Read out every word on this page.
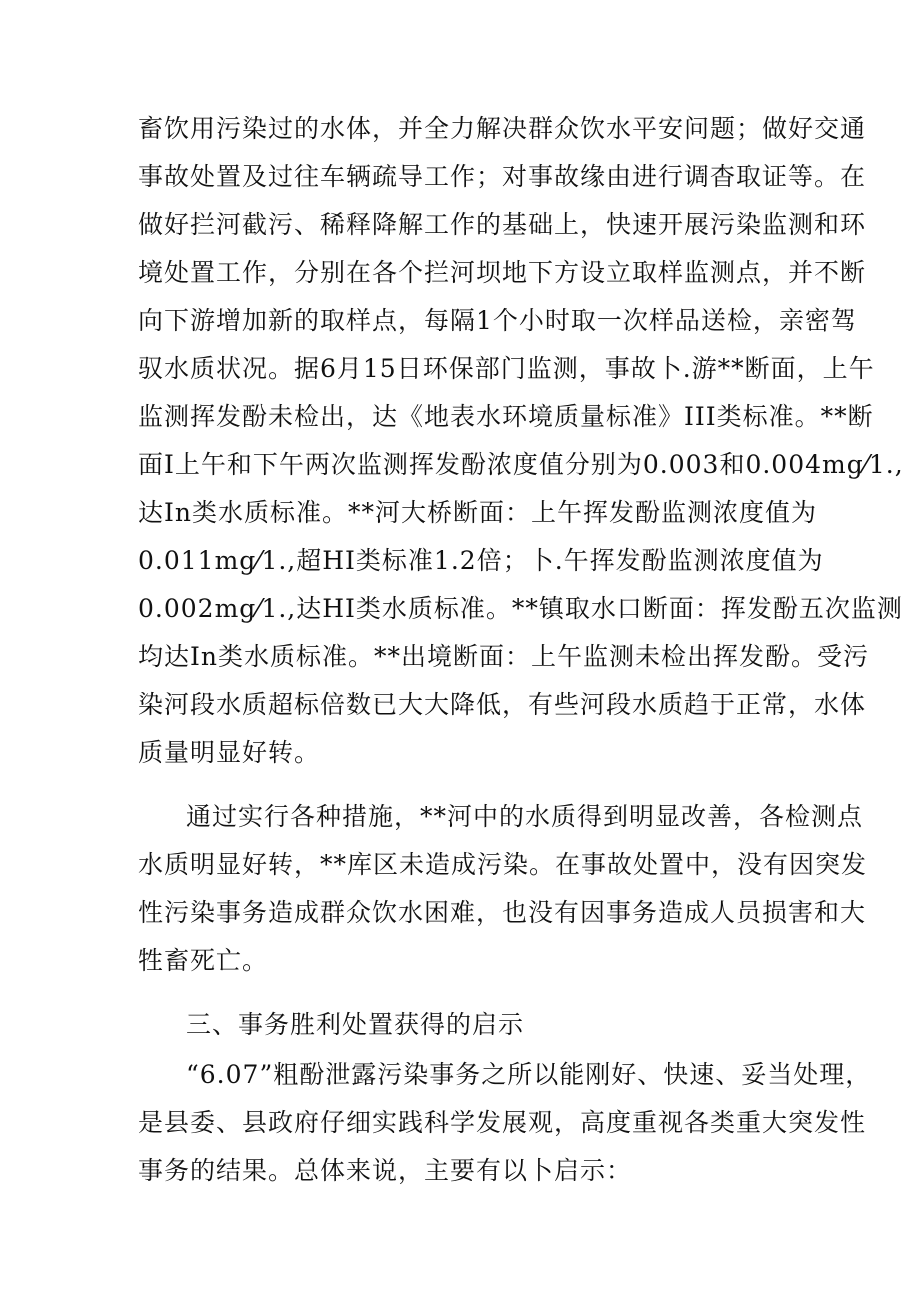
畜饮用污染过的水体，并全力解决群众饮水平安问题；做好交通
事故处置及过往车辆疏导工作；对事故缘由进行调杳取证等。在
做好拦河截污、稀释降解工作的基础上，快速开展污染监测和环
境处置工作，分别在各个拦河坝地下方设立取样监测点，并不断
向下游增加新的取样点，每隔1个小时取一次样品送检，亲密驾
驭水质状况。据6月15日环保部门监测，事故卜.游**断面，上午
监测挥发酚未检出，达《地表水环境质量标准》III类标准。**断
面I上午和下午两次监测挥发酚浓度值分别为0.003和0.004mg⁄1.,
达In类水质标准。**河大桥断面：上午挥发酚监测浓度值为
0.011mg⁄1.,超HI类标准1.2倍；卜.午挥发酚监测浓度值为
0.002mg⁄1.,达HI类水质标准。**镇取水口断面：挥发酚五次监测
均达In类水质标准。**出境断面：上午监测未检出挥发酚。受污
染河段水质超标倍数已大大降低，有些河段水质趋于正常，水体
质量明显好转。
通过实行各种措施，**河中的水质得到明显改善，各检测点
水质明显好转，**库区未造成污染。在事故处置中，没有因突发
性污染事务造成群众饮水困难，也没有因事务造成人员损害和大
牲畜死亡。
三、事务胜利处置获得的启示
“6.07”粗酚泄露污染事务之所以能刚好、快速、妥当处理，
是县委、县政府仔细实践科学发展观，高度重视各类重大突发性
事务的结果。总体来说，主要有以卜启示：
